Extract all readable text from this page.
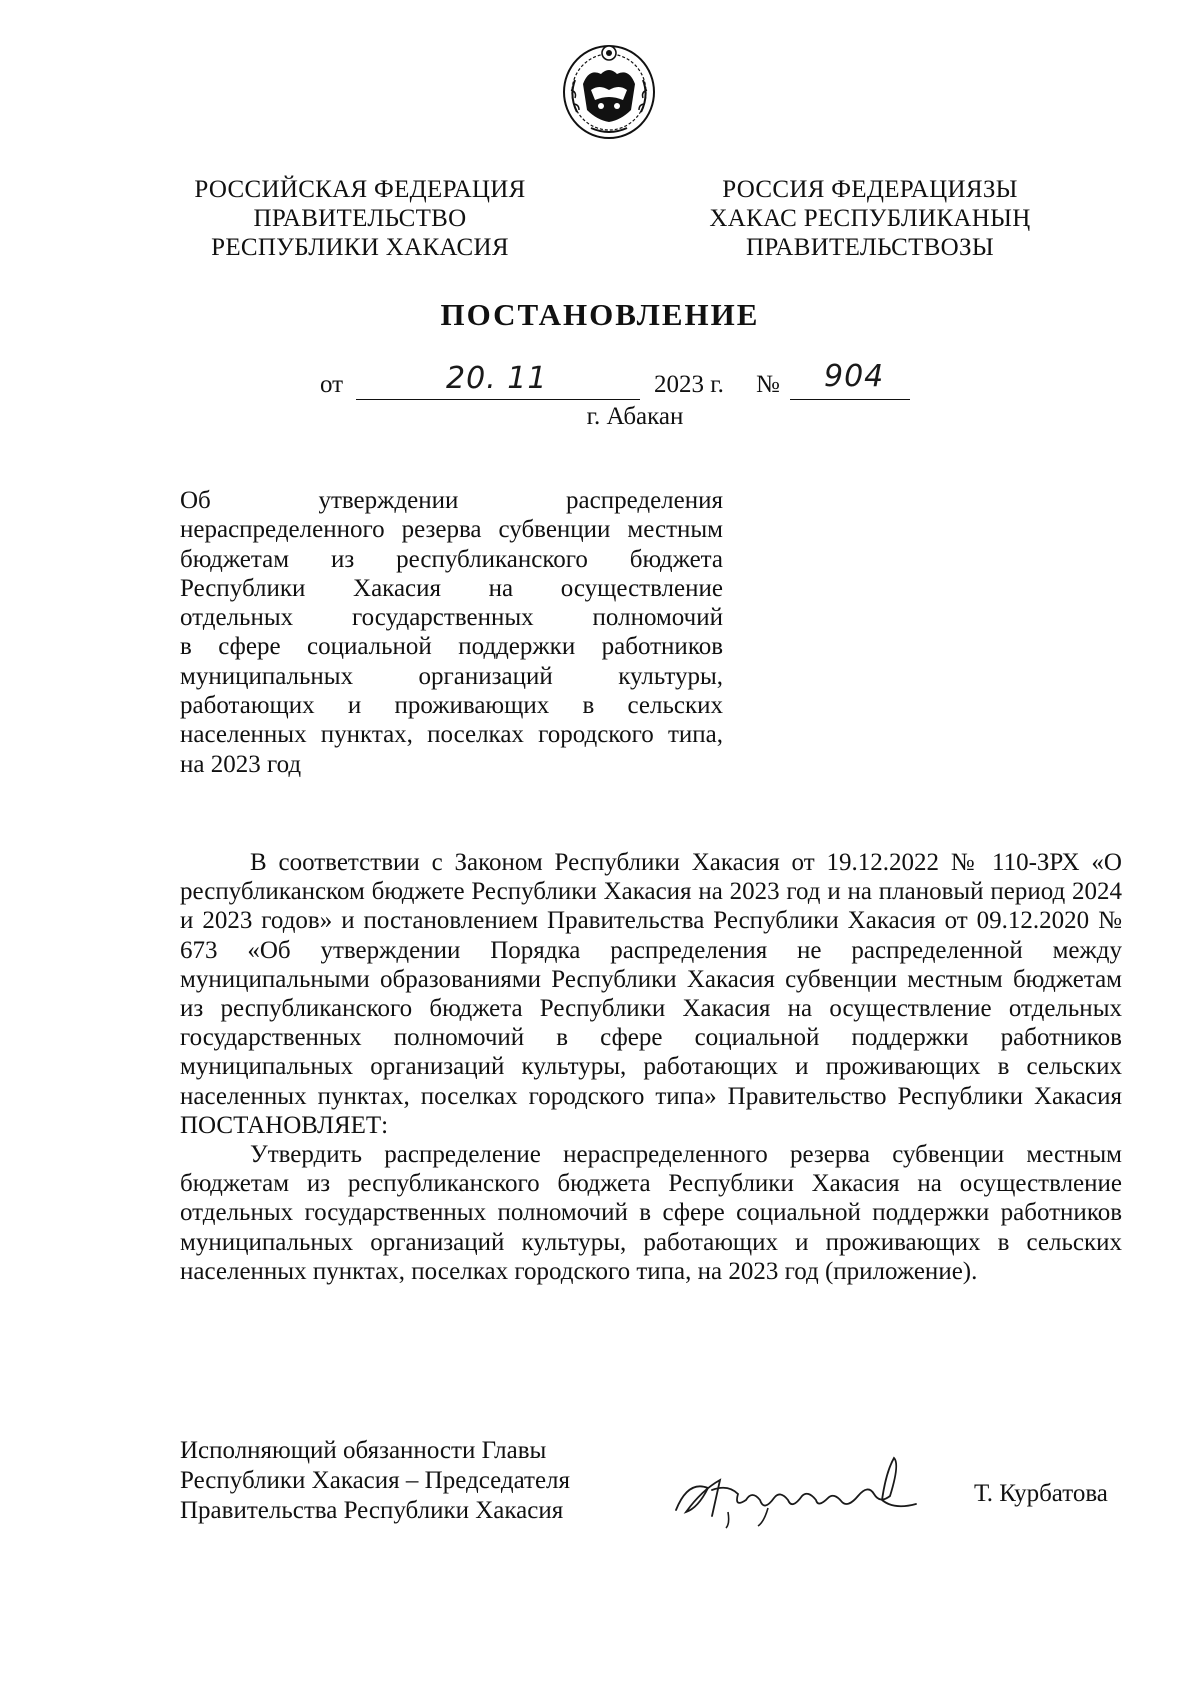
РОССИЙСКАЯ ФЕДЕРАЦИЯ
ПРАВИТЕЛЬСТВО
РЕСПУБЛИКИ ХАКАСИЯ
РОССИЯ ФЕДЕРАЦИЯЗЫ
ХАКАС РЕСПУБЛИКАНЫҢ
ПРАВИТЕЛЬСТВОЗЫ
ПОСТАНОВЛЕНИЕ
от	20. 11	2023 г. № 904
г. Абакан
Об утверждении распределения
нераспределенного резерва субвенции местным
бюджетам из республиканского бюджета
Республики Хакасия на осуществление
отдельных государственных полномочий
в сфере социальной поддержки работников
муниципальных организаций культуры,
работающих и проживающих в сельских
населенных пунктах, поселках городского типа,
на 2023 год

В соответствии с Законом Республики Хакасия от 19.12.2022 № 110-ЗРХ «О республиканском бюджете Республики Хакасия на 2023 год и на плановый период 2024 и 2023 годов» и постановлением Правительства Республики Хакасия от 09.12.2020 № 673 «Об утверждении Порядка распределения не распределенной между муниципальными образованиями Республики Хакасия субвенции местным бюджетам из республиканского бюджета Республики Хакасия на осуществление отдельных государственных полномочий в сфере социальной поддержки работников муниципальных организаций культуры, работающих и проживающих в сельских населенных пунктах, поселках городского типа» Правительство Республики Хакасия ПОСТАНОВЛЯЕТ:

Утвердить распределение нераспределенного резерва субвенции местным бюджетам из республиканского бюджета Республики Хакасия на осуществление отдельных государственных полномочий в сфере социальной поддержки работников муниципальных организаций культуры, работающих и проживающих в сельских населенных пунктах, поселках городского типа, на 2023 год (приложение).

Исполняющий обязанности Главы
Республики Хакасия – Председателя
Правительства Республики Хакасия
Т. Курбатова
